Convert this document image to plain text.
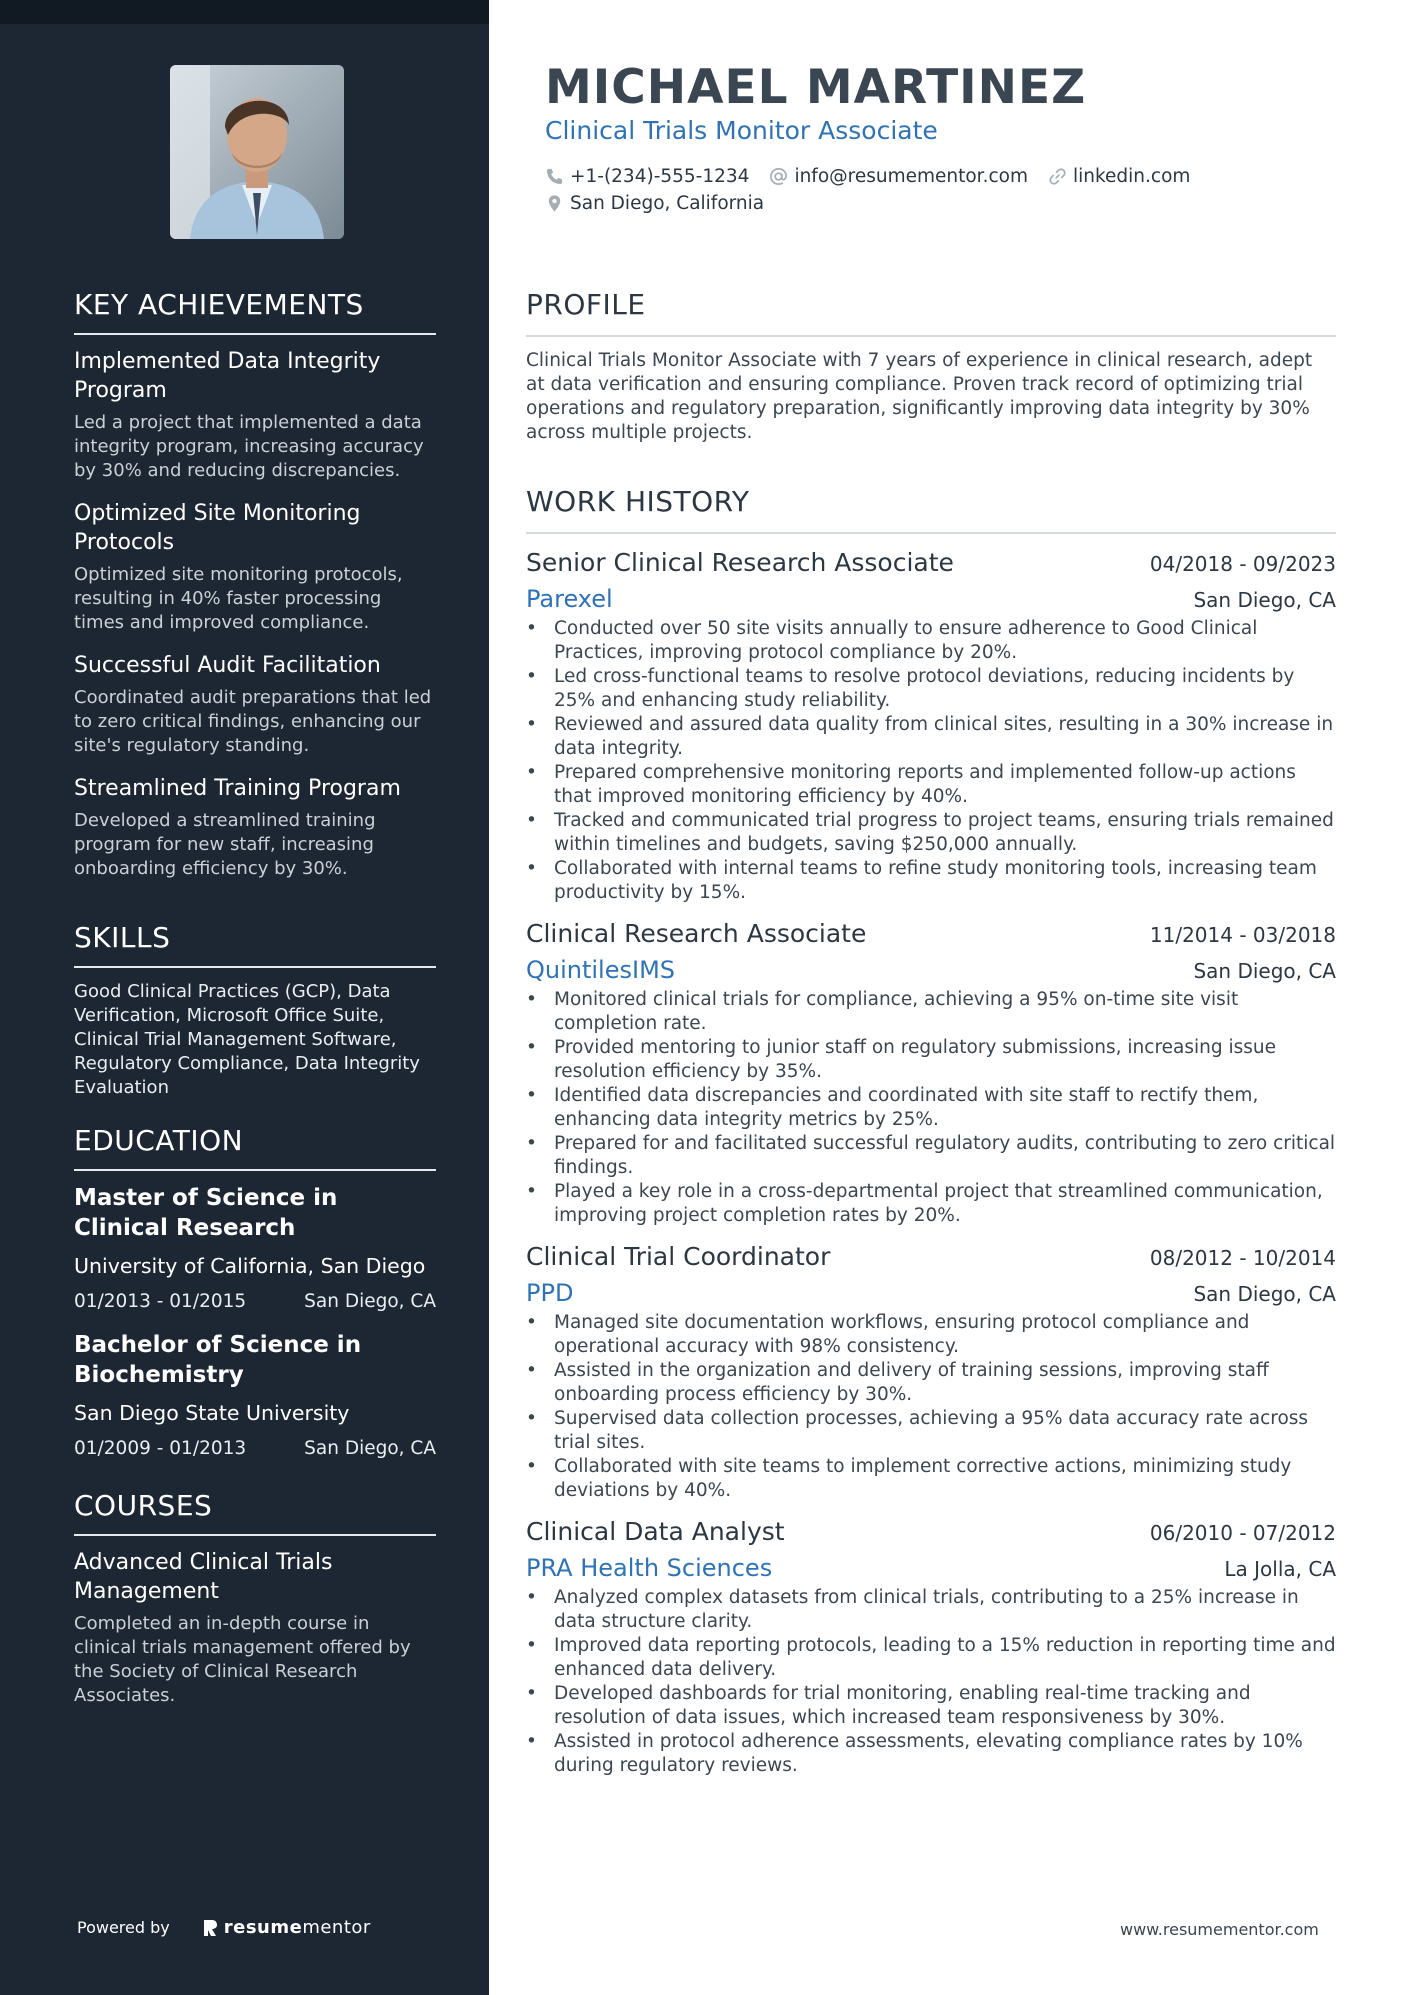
KEY ACHIEVEMENTS
Implemented Data Integrity Program
Led a project that implemented a data integrity program, increasing accuracy by 30% and reducing discrepancies.
Optimized Site Monitoring Protocols
Optimized site monitoring protocols, resulting in 40% faster processing times and improved compliance.
Successful Audit Facilitation
Coordinated audit preparations that led to zero critical findings, enhancing our site's regulatory standing.
Streamlined Training Program
Developed a streamlined training program for new staff, increasing onboarding efficiency by 30%.
SKILLS
Good Clinical Practices (GCP), Data Verification, Microsoft Office Suite, Clinical Trial Management Software, Regulatory Compliance, Data Integrity Evaluation
EDUCATION
Master of Science in Clinical Research
University of California, San Diego
01/2013 - 01/2015	San Diego, CA
Bachelor of Science in Biochemistry
San Diego State University
01/2009 - 01/2013	San Diego, CA
COURSES
Advanced Clinical Trials Management
Completed an in-depth course in clinical trials management offered by the Society of Clinical Research Associates.
Powered by	resume mentor
MICHAEL MARTINEZ
Clinical Trials Monitor Associate
+1-(234)-555-1234 info@resumementor.com linkedin.com
San Diego, California
PROFILE
Clinical Trials Monitor Associate with 7 years of experience in clinical research, adept at data verification and ensuring compliance. Proven track record of optimizing trial operations and regulatory preparation, significantly improving data integrity by 30% across multiple projects.
WORK HISTORY
Senior Clinical Research Associate	04/2018 - 09/2023
Parexel	San Diego, CA
• Conducted over 50 site visits annually to ensure adherence to Good Clinical Practices, improving protocol compliance by 20%.
• Led cross-functional teams to resolve protocol deviations, reducing incidents by 25% and enhancing study reliability.
• Reviewed and assured data quality from clinical sites, resulting in a 30% increase in data integrity.
• Prepared comprehensive monitoring reports and implemented follow-up actions that improved monitoring efficiency by 40%.
• Tracked and communicated trial progress to project teams, ensuring trials remained within timelines and budgets, saving $250,000 annually.
• Collaborated with internal teams to refine study monitoring tools, increasing team productivity by 15%.
Clinical Research Associate	11/2014 - 03/2018
QuintilesIMS	San Diego, CA
• Monitored clinical trials for compliance, achieving a 95% on-time site visit completion rate.
• Provided mentoring to junior staff on regulatory submissions, increasing issue resolution efficiency by 35%.
• Identified data discrepancies and coordinated with site staff to rectify them, enhancing data integrity metrics by 25%.
• Prepared for and facilitated successful regulatory audits, contributing to zero critical findings.
• Played a key role in a cross-departmental project that streamlined communication, improving project completion rates by 20%.
Clinical Trial Coordinator	08/2012 - 10/2014
PPD	San Diego, CA
• Managed site documentation workflows, ensuring protocol compliance and operational accuracy with 98% consistency.
• Assisted in the organization and delivery of training sessions, improving staff onboarding process efficiency by 30%.
• Supervised data collection processes, achieving a 95% data accuracy rate across trial sites.
• Collaborated with site teams to implement corrective actions, minimizing study deviations by 40%.
Clinical Data Analyst	06/2010 - 07/2012
PRA Health Sciences	La Jolla, CA
• Analyzed complex datasets from clinical trials, contributing to a 25% increase in data structure clarity.
• Improved data reporting protocols, leading to a 15% reduction in reporting time and enhanced data delivery.
• Developed dashboards for trial monitoring, enabling real-time tracking and resolution of data issues, which increased team responsiveness by 30%.
• Assisted in protocol adherence assessments, elevating compliance rates by 10% during regulatory reviews.
www.resumementor.com
